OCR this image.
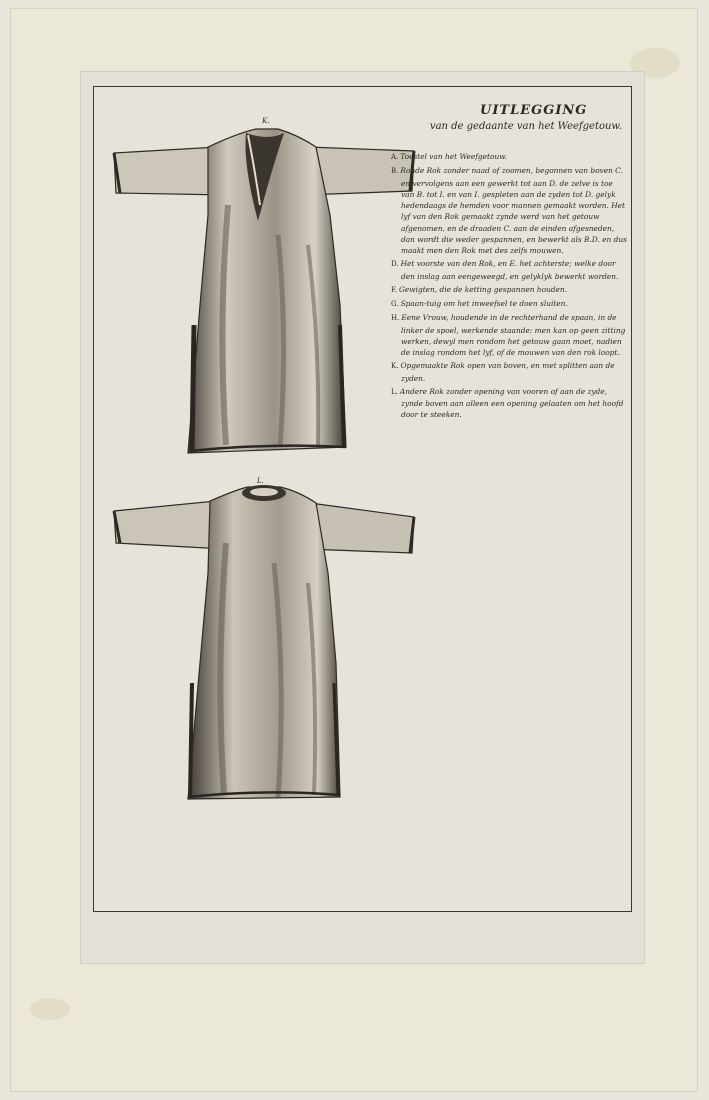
UITLEGGING
van de gedaante van het Weefgetouw.
K.
L.
A. Toestel van het Weefgetouw.
B. Ronde Rok zonder naad of zoomen, begonnen van boven C. en vervolgens aan een gewerkt tot aan D. de zelve is toe van B. tot I. en van I. gespleten aan de zyden tot D. gelyk hedendaags de hemden voor mannen gemaakt worden. Het lyf van den Rok gemaakt zynde werd van het getouw afgenomen, en de draaden C. aan de einden afgesneden, dan wordt die weder gespannen, en bewerkt als B.D. en dus maakt men den Rok met des zelfs mouwen.
D. Het voorste van den Rok, en E. het achterste; welke door den inslag aan eengeweegd, en gelyklyk bewerkt worden.
F. Gewigten, die de ketting gespannen houden.
G. Spaan-tuig om het inweefsel te doen sluiten.
H. Eene Vrouw, houdende in de rechterhand de spaan, in de linker de spoel, werkende staande: men kan op geen zitting werken, dewyl men rondom het getouw gaan moet, nadien de inslag rondom het lyf, of de mouwen van den rok loopt.
K. Opgemaakte Rok open van boven, en met splitten aan de zyden.
L. Andere Rok zonder opening van vooren of aan de zyde, zynde boven aan alleen een opening gelaaten om het hoofd door te steeken.
